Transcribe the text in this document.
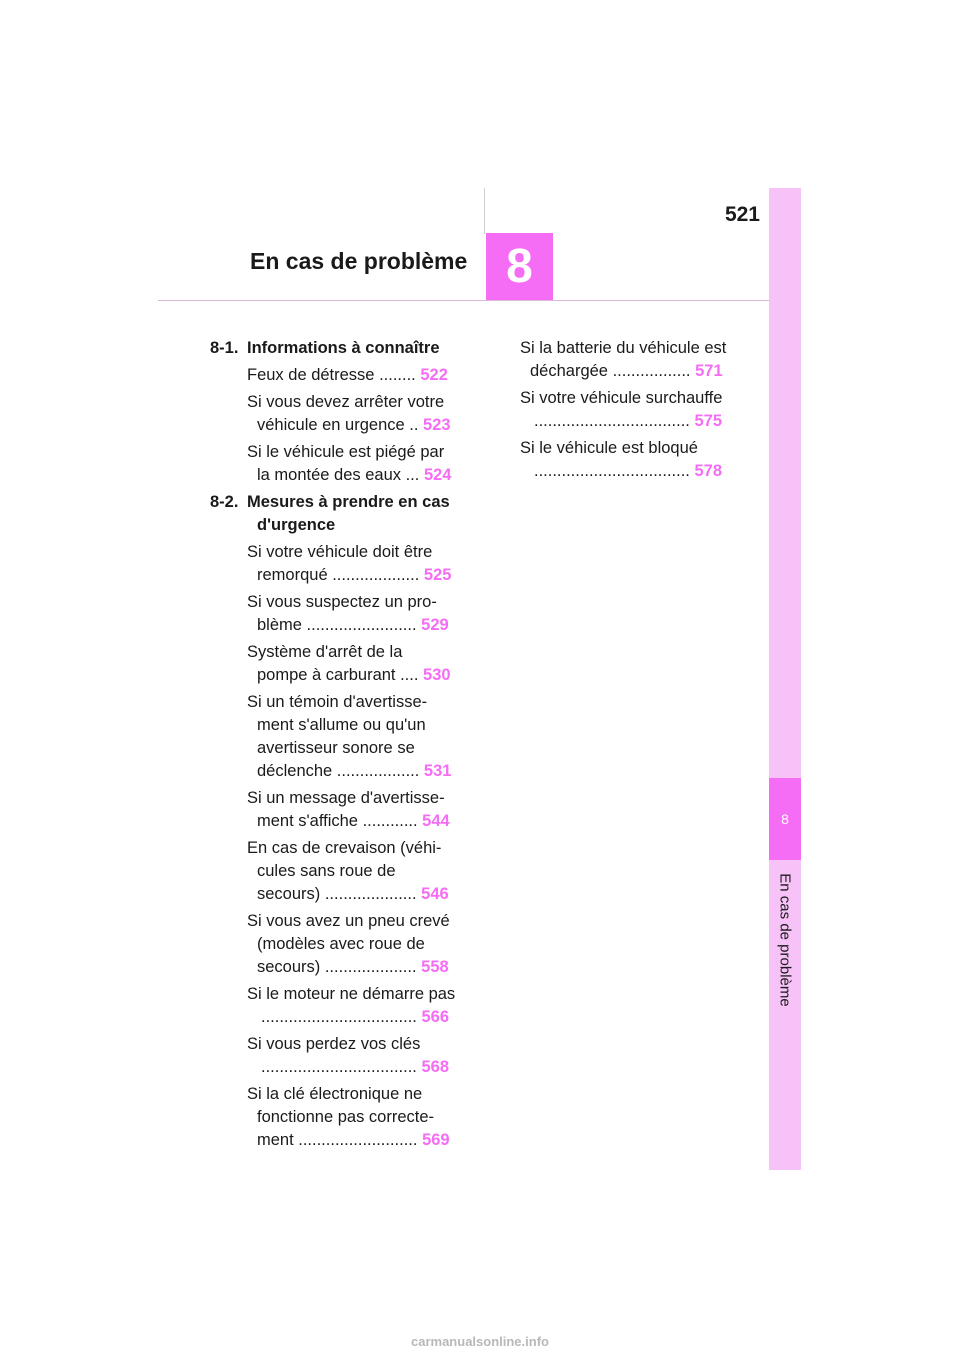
521
En cas de problème 8
8
En cas de problème
8-1. Informations à connaître
Feux de détresse ........ 522
Si vous devez arrêter votre
véhicule en urgence .. 523
Si le véhicule est piégé par
la montée des eaux ... 524
8-2. Mesures à prendre en cas
d'urgence
Si votre véhicule doit être
remorqué ................... 525
Si vous suspectez un pro-
blème ........................ 529
Système d'arrêt de la
pompe à carburant .... 530
Si un témoin d'avertisse-
ment s'allume ou qu'un
avertisseur sonore se
déclenche .................. 531
Si un message d'avertisse-
ment s'affiche ............ 544
En cas de crevaison (véhi-
cules sans roue de
secours) .................... 546
Si vous avez un pneu crevé
(modèles avec roue de
secours) .................... 558
Si le moteur ne démarre pas
.................................. 566
Si vous perdez vos clés
.................................. 568
Si la clé électronique ne
fonctionne pas correcte-
ment .......................... 569
Si la batterie du véhicule est
déchargée ................. 571
Si votre véhicule surchauffe
.................................. 575
Si le véhicule est bloqué
.................................. 578
carmanualsonline.info
